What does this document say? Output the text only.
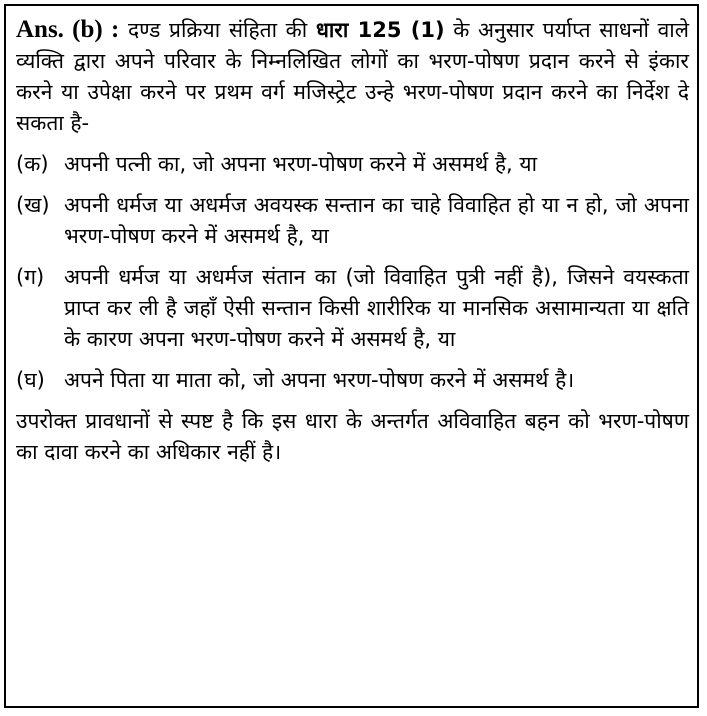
Ans. (b) : दण्ड प्रक्रिया संहिता की धारा 125 (1) के अनुसार पर्याप्त साधनों वाले व्यक्ति द्वारा अपने परिवार के निम्नलिखित लोगों का भरण-पोषण प्रदान करने से इंकार करने या उपेक्षा करने पर प्रथम वर्ग मजिस्ट्रेट उन्हे भरण-पोषण प्रदान करने का निर्देश दे सकता है-

(क) अपनी पत्नी का, जो अपना भरण-पोषण करने में असमर्थ है, या
(ख) अपनी धर्मज या अधर्मज अवयस्क सन्तान का चाहे विवाहित हो या न हो, जो अपना भरण-पोषण करने में असमर्थ है, या
(ग) अपनी धर्मज या अधर्मज संतान का (जो विवाहित पुत्री नहीं है), जिसने वयस्कता प्राप्त कर ली है जहाँ ऐसी सन्तान किसी शारीरिक या मानसिक असामान्यता या क्षति के कारण अपना भरण-पोषण करने में असमर्थ है, या
(घ) अपने पिता या माता को, जो अपना भरण-पोषण करने में असमर्थ है।

उपरोक्त प्रावधानों से स्पष्ट है कि इस धारा के अन्तर्गत अविवाहित बहन को भरण-पोषण का दावा करने का अधिकार नहीं है।
